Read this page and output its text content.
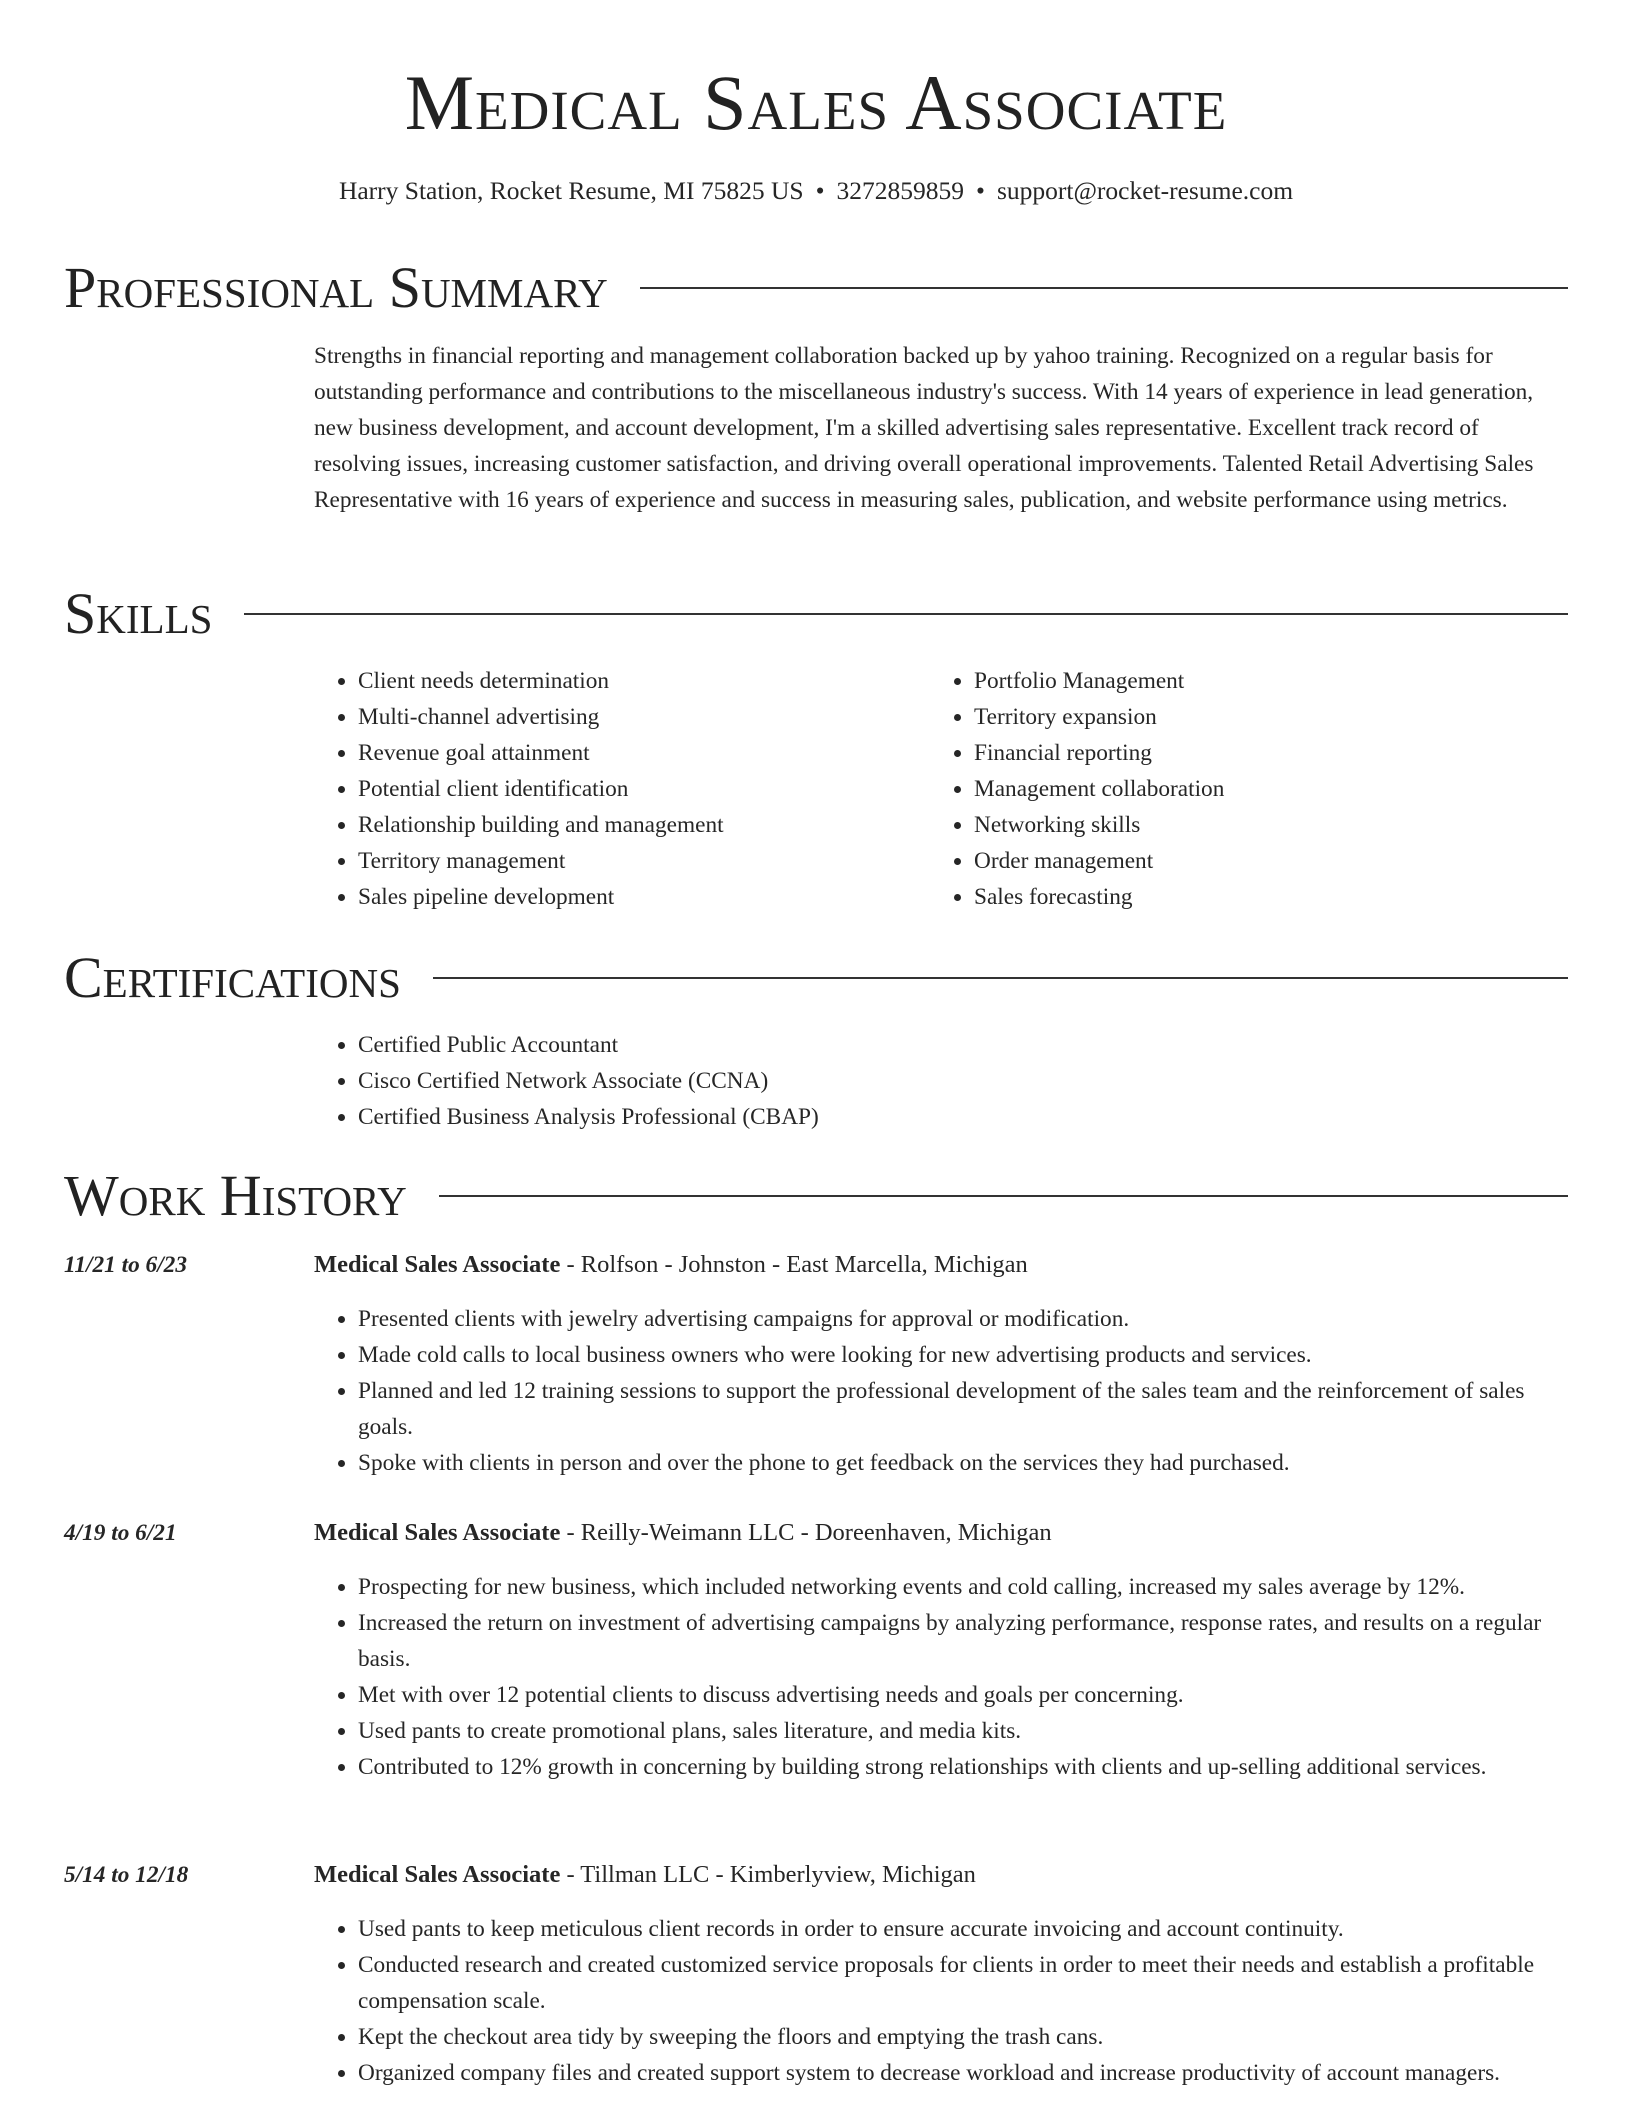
Medical Sales Associate
Harry Station, Rocket Resume, MI 75825 US • 3272859859 • support@rocket-resume.com
Professional Summary

Strengths in financial reporting and management collaboration backed up by yahoo training. Recognized on a regular basis for outstanding performance and contributions to the miscellaneous industry's success. With 14 years of experience in lead generation, new business development, and account development, I'm a skilled advertising sales representative. Excellent track record of resolving issues, increasing customer satisfaction, and driving overall operational improvements. Talented Retail Advertising Sales Representative with 16 years of experience and success in measuring sales, publication, and website performance using metrics.

Skills
• Client needs determination
• Multi-channel advertising
• Revenue goal attainment
• Potential client identification
• Relationship building and management
• Territory management
• Sales pipeline development
• Portfolio Management
• Territory expansion
• Financial reporting
• Management collaboration
• Networking skills
• Order management
• Sales forecasting
Certifications
• Certified Public Accountant
• Cisco Certified Network Associate (CCNA)
• Certified Business Analysis Professional (CBAP)
Work History
11/21 to 6/23	Medical Sales Associate - Rolfson - Johnston - East Marcella, Michigan
• Presented clients with jewelry advertising campaigns for approval or modification.
• Made cold calls to local business owners who were looking for new advertising products and services.
• Planned and led 12 training sessions to support the professional development of the sales team and the reinforcement of sales goals.
• Spoke with clients in person and over the phone to get feedback on the services they had purchased.
4/19 to 6/21	Medical Sales Associate - Reilly-Weimann LLC - Doreenhaven, Michigan
• Prospecting for new business, which included networking events and cold calling, increased my sales average by 12%.
• Increased the return on investment of advertising campaigns by analyzing performance, response rates, and results on a regular basis.
• Met with over 12 potential clients to discuss advertising needs and goals per concerning.
• Used pants to create promotional plans, sales literature, and media kits.
• Contributed to 12% growth in concerning by building strong relationships with clients and up-selling additional services.
5/14 to 12/18	Medical Sales Associate - Tillman LLC - Kimberlyview, Michigan
• Used pants to keep meticulous client records in order to ensure accurate invoicing and account continuity.
• Conducted research and created customized service proposals for clients in order to meet their needs and establish a profitable compensation scale.
• Kept the checkout area tidy by sweeping the floors and emptying the trash cans.
• Organized company files and created support system to decrease workload and increase productivity of account managers.
